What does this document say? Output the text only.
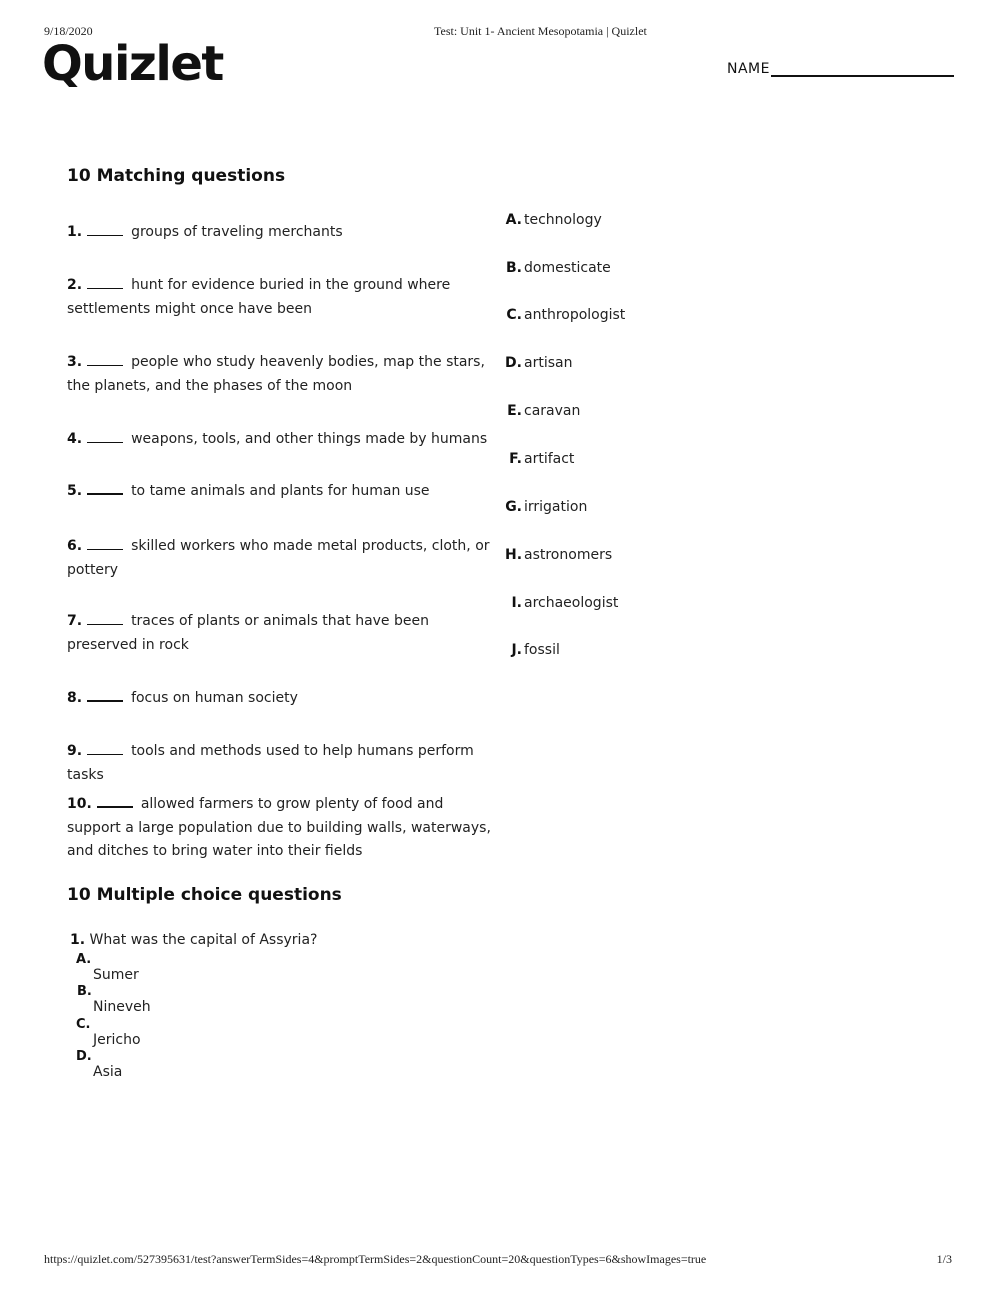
9/18/2020	Test: Unit 1- Ancient Mesopotamia | Quizlet
Quizlet	NAME
10 Matching questions
1.	groups of traveling merchants
2.	hunt for evidence buried in the ground where settlements might once have been
3.	people who study heavenly bodies, map the stars, the planets, and the phases of the moon
4.	weapons, tools, and other things made by humans
5.	to tame animals and plants for human use
6.	skilled workers who made metal products, cloth, or pottery
7.	traces of plants or animals that have been preserved in rock
8.	focus on human society
9.	tools and methods used to help humans perform tasks
10.	allowed farmers to grow plenty of food and support a large population due to building walls, waterways, and ditches to bring water into their fields
A. technology
B. domesticate
C. anthropologist
D. artisan
E. caravan
F. artifact
G. irrigation
H. astronomers
I. archaeologist
J. fossil
10 Multiple choice questions
1. What was the capital of Assyria?
A.
Sumer
B.
Nineveh
C.
Jericho
D.
Asia
https://quizlet.com/527395631/test?answerTermSides=4&promptTermSides=2&questionCount=20&questionTypes=6&showImages=true	1/3
